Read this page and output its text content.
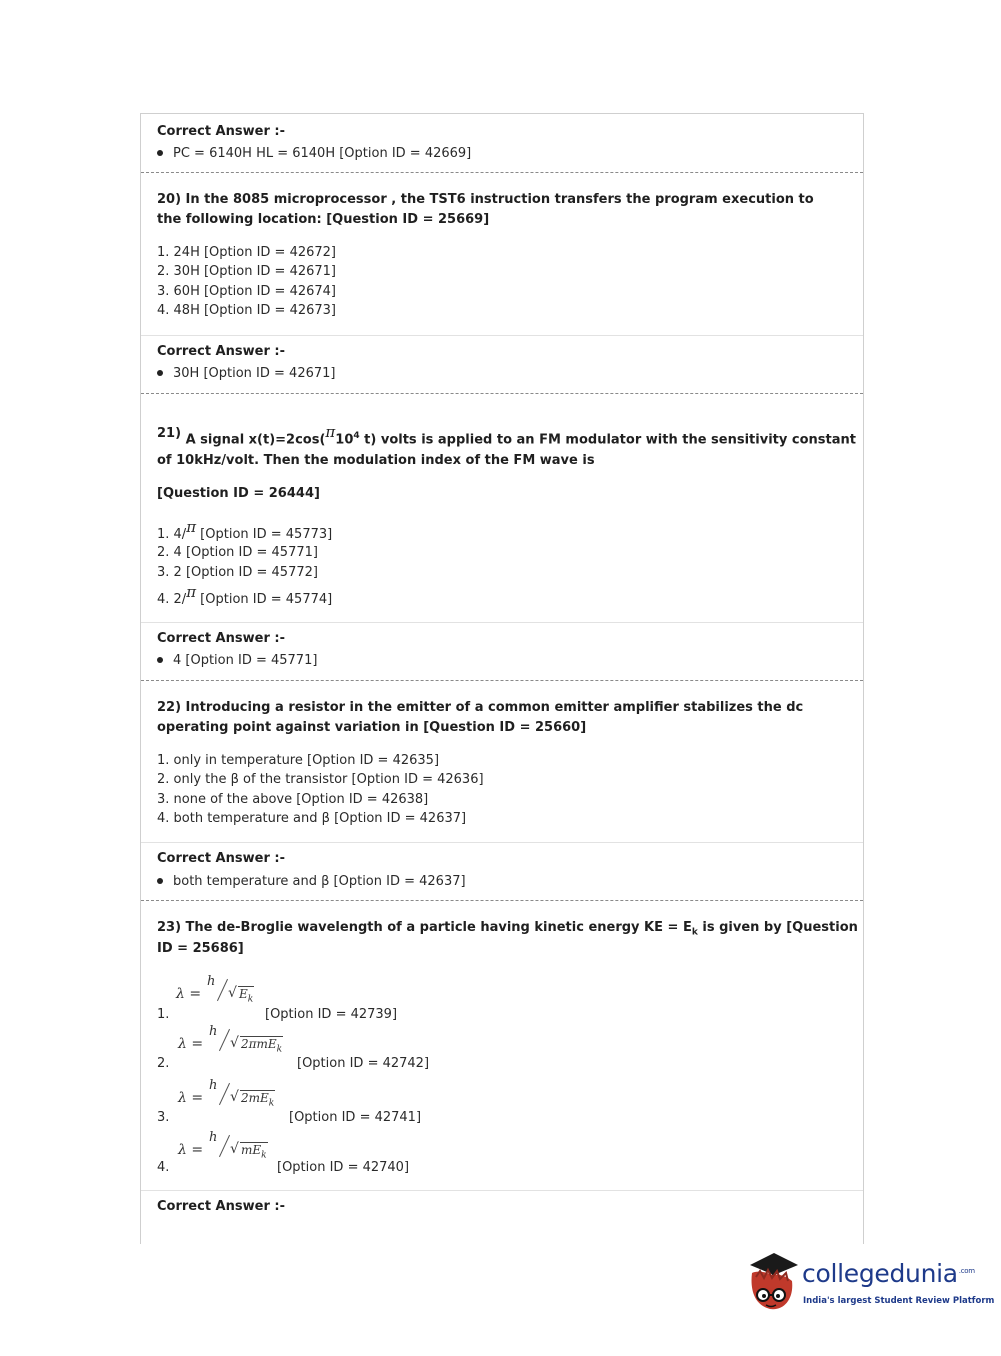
Correct Answer :-
PC = 6140H HL = 6140H [Option ID = 42669]
20) In the 8085 microprocessor , the TST6 instruction transfers the program execution to the following location: [Question ID = 25669]
1. 24H [Option ID = 42672]
2. 30H [Option ID = 42671]
3. 60H [Option ID = 42674]
4. 48H [Option ID = 42673]
Correct Answer :-
30H [Option ID = 42671]
21) A signal $x(t)=2\cos(\pi 10^4$ t) volts is applied to an FM modulator with the sensitivity constant
of 10kHz/volt. Then the modulation index of the FM wave is
[Question ID = 26444]
1. 4/π [Option ID = 45773]
2. 4 [Option ID = 45771]
3. 2 [Option ID = 45772]
4. 2/π [Option ID = 45774]
Correct Answer :-
4 [Option ID = 45771]
22) Introducing a resistor in the emitter of a common emitter amplifier stabilizes the dc operating point against variation in [Question ID = 25660]
1. only in temperature [Option ID = 42635]
2. only the β of the transistor [Option ID = 42636]
3. none of the above [Option ID = 42638]
4. both temperature and β [Option ID = 42637]
Correct Answer :-
both temperature and β [Option ID = 42637]
23) The de-Broglie wavelength of a particle having kinetic energy KE = $E_k$ is given by [Question
ID = 25686]
1.
λ =
h
√ $E_k$
[Option ID = 42739]
2.
λ =
h
√ 2πmE$_k$
[Option ID = 42742]
3.
λ =
h
√ $2mE_k$
[Option ID = 42741]
4.
λ =
h
√ $mE_k$
[Option ID = 42740]
Correct Answer :-
collegedunia$^{.com}$
India's largest Student Review Platform
